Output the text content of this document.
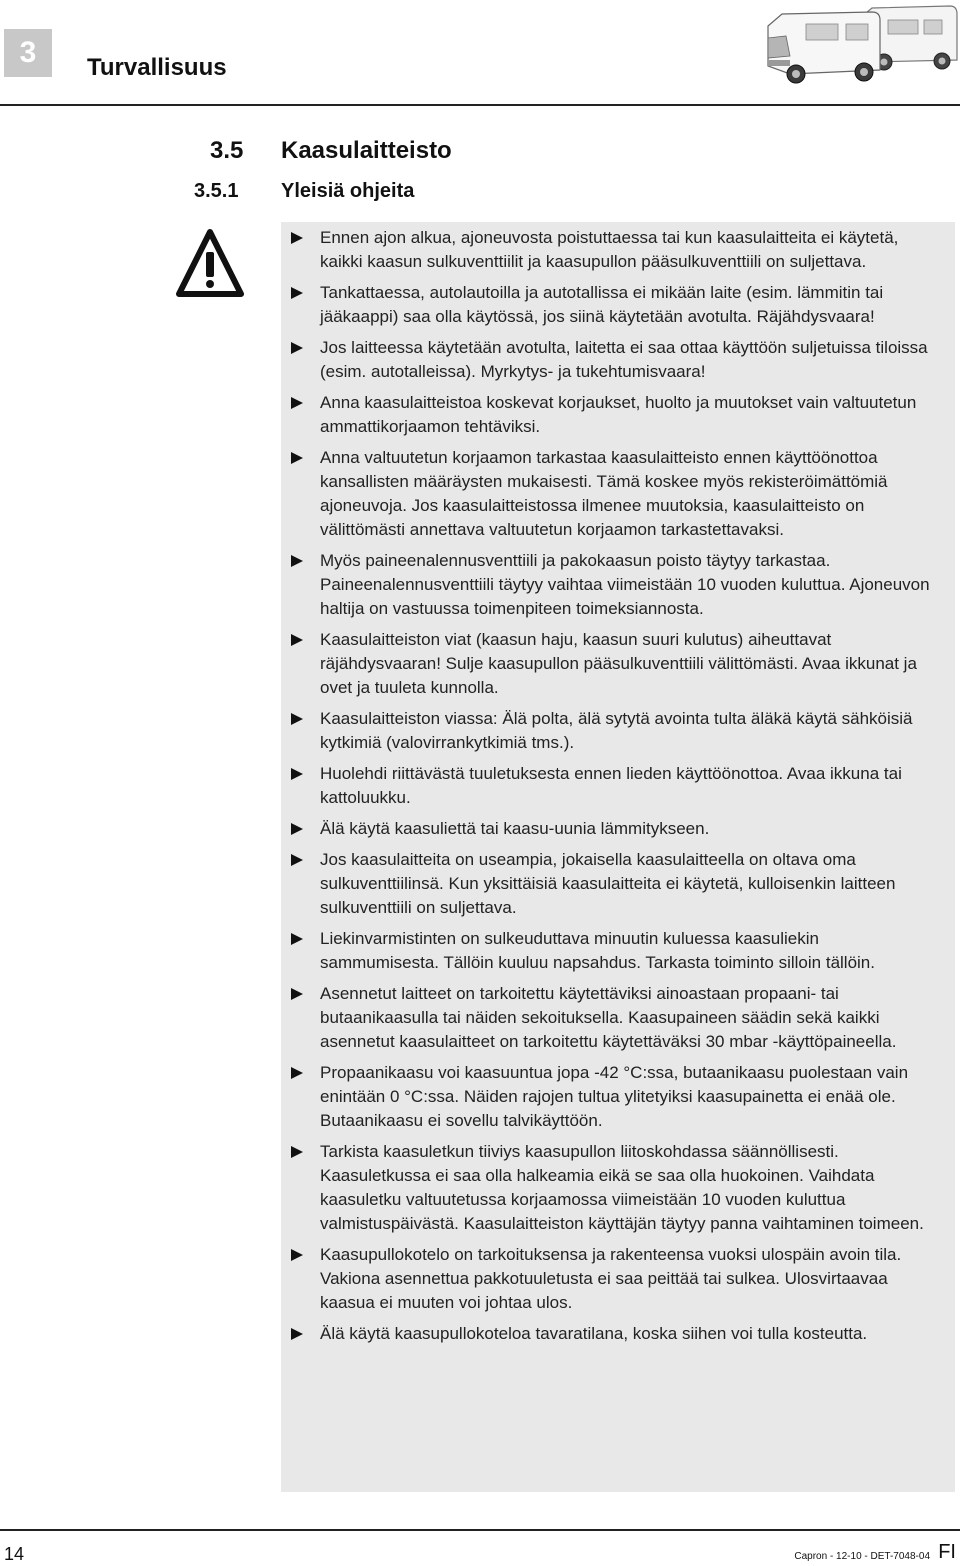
3	Turvallisuus
3.5 Kaasulaitteisto
3.5.1 Yleisiä ohjeita
Ennen ajon alkua, ajoneuvosta poistuttaessa tai kun kaasulaitteita ei käytetä, kaikki kaasun sulkuventtiilit ja kaasupullon pääsulkuventtiili on suljettava.
Tankattaessa, autolautoilla ja autotallissa ei mikään laite (esim. lämmitin tai jääkaappi) saa olla käytössä, jos siinä käytetään avotulta. Räjähdysvaara!
Jos laitteessa käytetään avotulta, laitetta ei saa ottaa käyttöön suljetuissa tiloissa (esim. autotalleissa). Myrkytys- ja tukehtumisvaara!
Anna kaasulaitteistoa koskevat korjaukset, huolto ja muutokset vain valtuutetun ammattikorjaamon tehtäviksi.
Anna valtuutetun korjaamon tarkastaa kaasulaitteisto ennen käyttöönottoa kansallisten määräysten mukaisesti. Tämä koskee myös rekisteröimättömiä ajoneuvoja. Jos kaasulaitteistossa ilmenee muutoksia, kaasulaitteisto on välittömästi annettava valtuutetun korjaamon tarkastettavaksi.
Myös paineenalennusventtiili ja pakokaasun poisto täytyy tarkastaa. Paineenalennusventtiili täytyy vaihtaa viimeistään 10 vuoden kuluttua. Ajoneuvon haltija on vastuussa toimenpiteen toimeksiannosta.
Kaasulaitteiston viat (kaasun haju, kaasun suuri kulutus) aiheuttavat räjähdysvaaran! Sulje kaasupullon pääsulkuventtiili välittömästi. Avaa ikkunat ja ovet ja tuuleta kunnolla.
Kaasulaitteiston viassa: Älä polta, älä sytytä avointa tulta äläkä käytä sähköisiä kytkimiä (valovirrankytkimiä tms.).
Huolehdi riittävästä tuuletuksesta ennen lieden käyttöönottoa. Avaa ikkuna tai kattoluukku.
Älä käytä kaasuliettä tai kaasu-uunia lämmitykseen.
Jos kaasulaitteita on useampia, jokaisella kaasulaitteella on oltava oma sulkuventtiilinsä. Kun yksittäisiä kaasulaitteita ei käytetä, kulloisenkin laitteen sulkuventtiili on suljettava.
Liekinvarmistinten on sulkeuduttava minuutin kuluessa kaasuliekin sammumisesta. Tällöin kuuluu napsahdus. Tarkasta toiminto silloin tällöin.
Asennetut laitteet on tarkoitettu käytettäviksi ainoastaan propaani- tai butaanikaasulla tai näiden sekoituksella. Kaasupaineen säädin sekä kaikki asennetut kaasulaitteet on tarkoitettu käytettäväksi 30 mbar -käyttöpaineella.
Propaanikaasu voi kaasuuntua jopa -42 °C:ssa, butaanikaasu puolestaan vain enintään 0 °C:ssa. Näiden rajojen tultua ylitetyiksi kaasupainetta ei enää ole. Butaanikaasu ei sovellu talvikäyttöön.
Tarkista kaasuletkun tiiviys kaasupullon liitoskohdassa säännöllisesti. Kaasuletkussa ei saa olla halkeamia eikä se saa olla huokoinen. Vaihdata kaasuletku valtuutetussa korjaamossa viimeistään 10 vuoden kuluttua valmistuspäivästä. Kaasulaitteiston käyttäjän täytyy panna vaihtaminen toimeen.
Kaasupullokotelo on tarkoituksensa ja rakenteensa vuoksi ulospäin avoin tila. Vakiona asennettua pakkotuuletusta ei saa peittää tai sulkea. Ulosvirtaavaa kaasua ei muuten voi johtaa ulos.
Älä käytä kaasupullokoteloa tavaratilana, koska siihen voi tulla kosteutta.
14	Capron - 12-10 - DET-7048-04 FI
